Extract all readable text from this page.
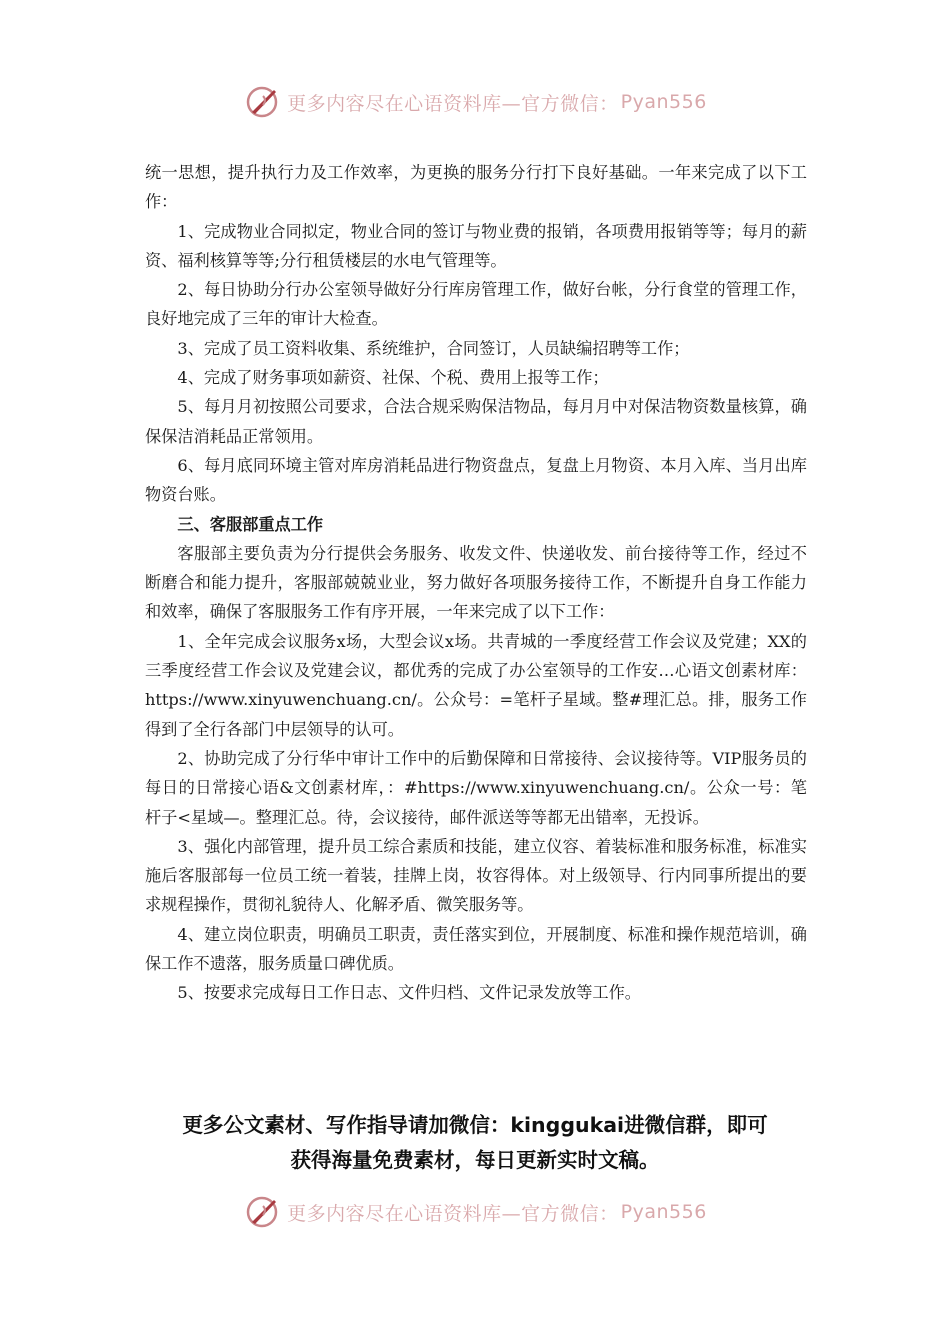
更多内容尽在心语资料库—官方微信： Pyan556

统一思想，提升执行力及工作效率，为更换的服务分行打下良好基础。一年来完成了以下工作：

1、完成物业合同拟定，物业合同的签订与物业费的报销，各项费用报销等等；每月的薪资、福利核算等等;分行租赁楼层的水电气管理等。

2、每日协助分行办公室领导做好分行库房管理工作，做好台帐，分行食堂的管理工作，良好地完成了三年的审计大检查。

3、完成了员工资料收集、系统维护，合同签订，人员缺编招聘等工作；

4、完成了财务事项如薪资、社保、个税、费用上报等工作；

5、每月月初按照公司要求，合法合规采购保洁物品，每月月中对保洁物资数量核算，确保保洁消耗品正常领用。

6、每月底同环境主管对库房消耗品进行物资盘点，复盘上月物资、本月入库、当月出库物资台账。

三、客服部重点工作

客服部主要负责为分行提供会务服务、收发文件、快递收发、前台接待等工作，经过不断磨合和能力提升，客服部兢兢业业，努力做好各项服务接待工作，不断提升自身工作能力和效率，确保了客服服务工作有序开展，一年来完成了以下工作：

1、全年完成会议服务x场，大型会议x场。共青城的一季度经营工作会议及党建；XX的三季度经营工作会议及党建会议，都优秀的完成了办公室领导的工作安…心语文创素材库：https://www.xinyuwenchuang.cn/。公众号：=笔杆子星域。整#理汇总。排，服务工作得到了全行各部门中层领导的认可。

2、协助完成了分行华中审计工作中的后勤保障和日常接待、会议接待等。VIP服务员的每日的日常接心语&文创素材库，：#https://www.xinyuwenchuang.cn/。公众一号：笔杆子<星域—。整理汇总。待，会议接待，邮件派送等等都无出错率，无投诉。

3、强化内部管理，提升员工综合素质和技能，建立仪容、着装标准和服务标准，标准实施后客服部每一位员工统一着装，挂牌上岗，妆容得体。对上级领导、行内同事所提出的要求规程操作，贯彻礼貌待人、化解矛盾、微笑服务等。

4、建立岗位职责，明确员工职责，责任落实到位，开展制度、标准和操作规范培训，确保工作不遗落，服务质量口碑优质。

5、按要求完成每日工作日志、文件归档、文件记录发放等工作。

更多公文素材、写作指导请加微信：kinggukai进微信群，即可
获得海量免费素材，每日更新实时文稿。
更多内容尽在心语资料库—官方微信： Pyan556
